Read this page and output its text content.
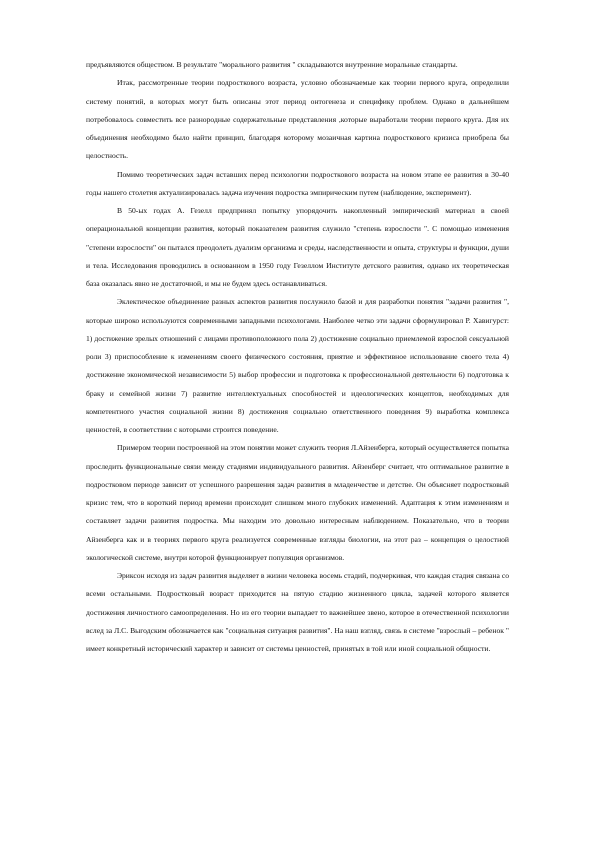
предъявляются обществом. В результате "морального развития " складываются внутренние моральные стандарты.

Итак, рассмотренные теории подросткового возраста, условно обозначаемые как теории первого круга, определили систему понятий, в которых могут быть описаны этот период онтогенеза и специфику проблем. Однако в дальнейшем потребовалось совместить все разнородные содержательные представления ,которые выработали теории первого круга. Для их объединения необходимо было найти принцип, благодаря которому мозаичная картина подросткового кризиса приобрела бы целостность.

Помимо теоретических задач вставших перед психологии подросткового возраста на новом этапе ее развития в 30-40 годы нашего столетия актуализировалась задача изучения подростка эмпирическим путем (наблюдение, эксперимент).

В 50-ых годах А. Гезелл предпринял попытку упорядочить накопленный эмпирический материал в своей операциональной концепции развития, который показателем развития служило "степень взрослости ". С помощью изменения "степени взрослости" он пытался преодолеть дуализм организма и среды, наследственности и опыта, структуры и функции, души и тела. Исследования проводились в основанном в 1950 году Гезеллом Институте детского развития, однако их теоретическая база оказалась явно не достаточной, и мы не будем здесь останавливаться.

Эклектическое объединение разных аспектов развития послужило базой и для разработки понятия "задачи развития ", которые широко используются современными западными психологами. Наиболее четко эти задачи сформулировал Р. Хавигурст: 1) достижение зрелых отношений с лицами противоположного пола 2) достижение социально приемлемой взрослой сексуальной роли 3) приспособление к изменениям своего физического состояния, приятие и эффективное использование своего тела 4) достижение экономической независимости 5) выбор профессии и подготовка к профессиональной деятельности 6) подготовка к браку и семейной жизни 7) развитие интеллектуальных способностей и идеологических концептов, необходимых для компетентного участия социальной жизни 8) достижения социально ответственного поведения 9) выработка комплекса ценностей, в соответствии с которыми строится поведение.

Примером теории построенной на этом понятии может служить теория Л.Айзенберга, который осуществляется попытка проследить функциональные связи между стадиями индивидуального развития. Айзенберг считает, что оптимальное развитие в подростковом периоде зависит от успешного разрешения задач развития в младенчестве и детстве. Он объясняет подростковый кризис тем, что в короткий период времени происходит слишком много глубоких изменений. Адаптация к этим изменениям и составляет задачи развития подростка. Мы находим это довольно интересным наблюдением. Показательно, что в теории Айзенберга как и в теориях первого круга реализуется современные взгляды биологии, на этот раз – концепция о целостной экологической системе, внутри которой функционирует популяция организмов.

Эриксон исходя из задач развития выделяет в жизни человека восемь стадий, подчеркивая, что каждая стадия связана со всеми остальными. Подростковый возраст приходится на пятую стадию жизненного цикла, задачей которого является достижения личностного самоопределения. Но из его теории выпадает то важнейшее звено, которое в отечественной психологии вслед за Л.С. Выгодским обозначается как "социальная ситуация развития". На наш взгляд, связь в системе "взрослый – ребенок " имеет конкретный исторический характер и зависит от системы ценностей, принятых в той или иной социальной общности.
